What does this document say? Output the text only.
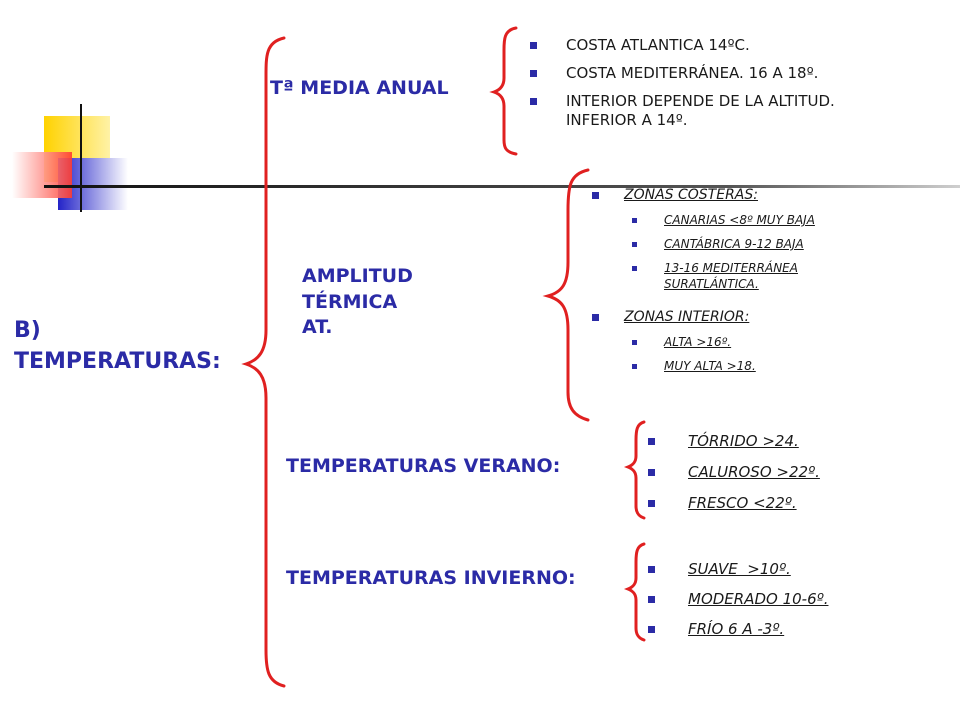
B)
TEMPERATURAS:
Tª MEDIA ANUAL
COSTA ATLANTICA 14ºC.
COSTA MEDITERRÁNEA. 16 A 18º.
INTERIOR DEPENDE DE LA ALTITUD. INFERIOR A 14º.
AMPLITUD
TÉRMICA
AT.
ZONAS COSTERAS:
CANARIAS <8º MUY BAJA
CANTÁBRICA 9-12 BAJA
13-16 MEDITERRÁNEA SURATLÁNTICA.
ZONAS INTERIOR:
ALTA >16º.
MUY ALTA >18.
TEMPERATURAS VERANO:
TÓRRIDO >24.
CALUROSO >22º.
FRESCO <22º.
TEMPERATURAS INVIERNO:	SUAVE  >10º.
MODERADO 10-6º.
FRÍO 6 A -3º.
